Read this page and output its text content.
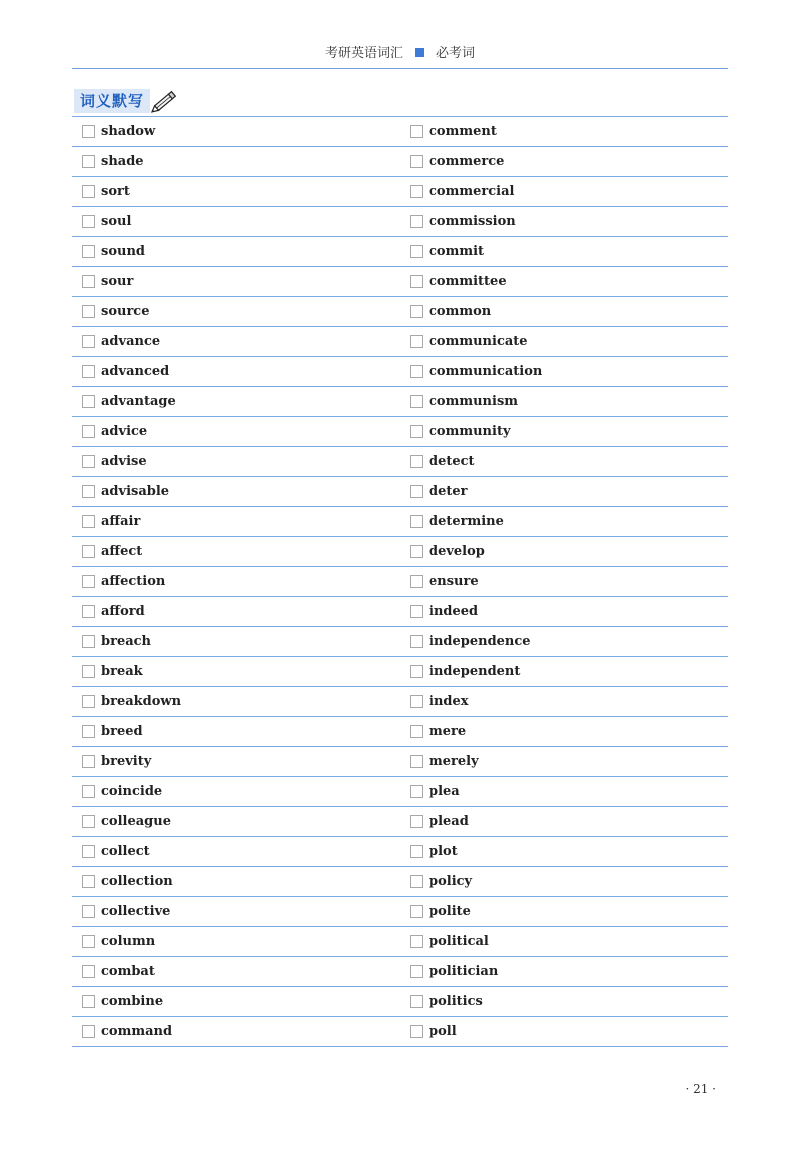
考研英语词汇	必考词
词义默写
shadow	comment
shade	commerce
sort	commercial
soul	commission
sound	commit
sour	committee
source	common
advance	communicate
advanced	communication
advantage	communism
advice	community
advise	detect
advisable	deter
affair	determine
affect	develop
affection	ensure
afford	indeed
breach	independence
break	independent
breakdown	index
breed	mere
brevity	merely
coincide	plea
colleague	plead
collect	plot
collection	policy
collective	polite
column	political
combat	politician
combine	politics
command	poll
· 21 ·
